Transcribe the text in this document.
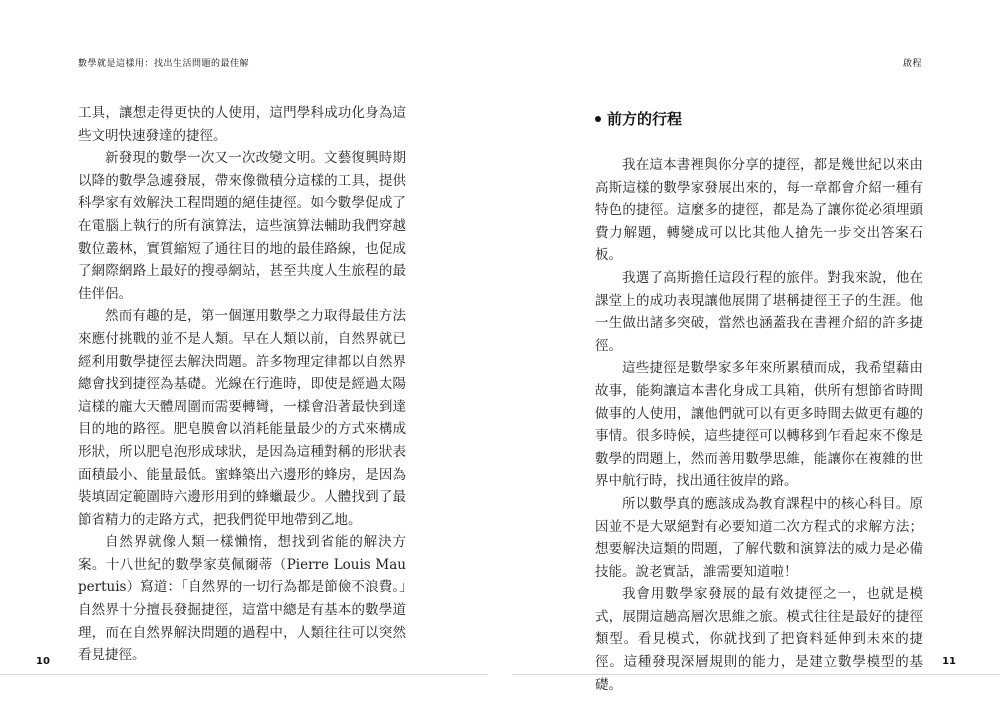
數學就是這樣用：找出生活問題的最佳解

工具，讓想走得更快的人使用，這門學科成功化身為這些文明快速發達的捷徑。

新發現的數學一次又一次改變文明。文藝復興時期以降的數學急遽發展，帶來像微積分這樣的工具，提供科學家有效解決工程問題的絕佳捷徑。如今數學促成了在電腦上執行的所有演算法，這些演算法輔助我們穿越數位叢林，實質縮短了通往目的地的最佳路線，也促成了網際網路上最好的搜尋網站，甚至共度人生旅程的最佳伴侶。

然而有趣的是，第一個運用數學之力取得最佳方法來應付挑戰的並不是人類。早在人類以前，自然界就已經利用數學捷徑去解決問題。許多物理定律都以自然界總會找到捷徑為基礎。光線在行進時，即使是經過太陽這樣的龐大天體周圍而需要轉彎，一樣會沿著最快到達目的地的路徑。肥皂膜會以消耗能量最少的方式來構成形狀，所以肥皂泡形成球狀，是因為這種對稱的形狀表面積最小、能量最低。蜜蜂築出六邊形的蜂房，是因為裝填固定範圍時六邊形用到的蜂蠟最少。人體找到了最節省精力的走路方式，把我們從甲地帶到乙地。

自然界就像人類一樣懶惰，想找到省能的解決方案。十八世紀的數學家莫佩爾蒂（Pierre Louis Maupertuis）寫道：「自然界的一切行為都是節儉不浪費。」自然界十分擅長發掘捷徑，這當中總是有基本的數學道理，而在自然界解決問題的過程中，人類往往可以突然看見捷徑。

10
啟程
前方的行程

我在這本書裡與你分享的捷徑，都是幾世紀以來由高斯這樣的數學家發展出來的，每一章都會介紹一種有特色的捷徑。這麼多的捷徑，都是為了讓你從必須埋頭費力解題，轉變成可以比其他人搶先一步交出答案石板。

我選了高斯擔任這段行程的旅伴。對我來說，他在課堂上的成功表現讓他展開了堪稱捷徑王子的生涯。他一生做出諸多突破，當然也涵蓋我在書裡介紹的許多捷徑。

這些捷徑是數學家多年來所累積而成，我希望藉由故事，能夠讓這本書化身成工具箱，供所有想節省時間做事的人使用，讓他們就可以有更多時間去做更有趣的事情。很多時候，這些捷徑可以轉移到乍看起來不像是數學的問題上，然而善用數學思維，能讓你在複雜的世界中航行時，找出通往彼岸的路。

所以數學真的應該成為教育課程中的核心科目。原因並不是大眾絕對有必要知道二次方程式的求解方法；想要解決這類的問題，了解代數和演算法的威力是必備技能。說老實話，誰需要知道啦！

我會用數學家發展的最有效捷徑之一，也就是模式，展開這趟高層次思維之旅。模式往往是最好的捷徑類型。看見模式，你就找到了把資料延伸到未來的捷徑。這種發現深層規則的能力，是建立數學模型的基礎。

11
